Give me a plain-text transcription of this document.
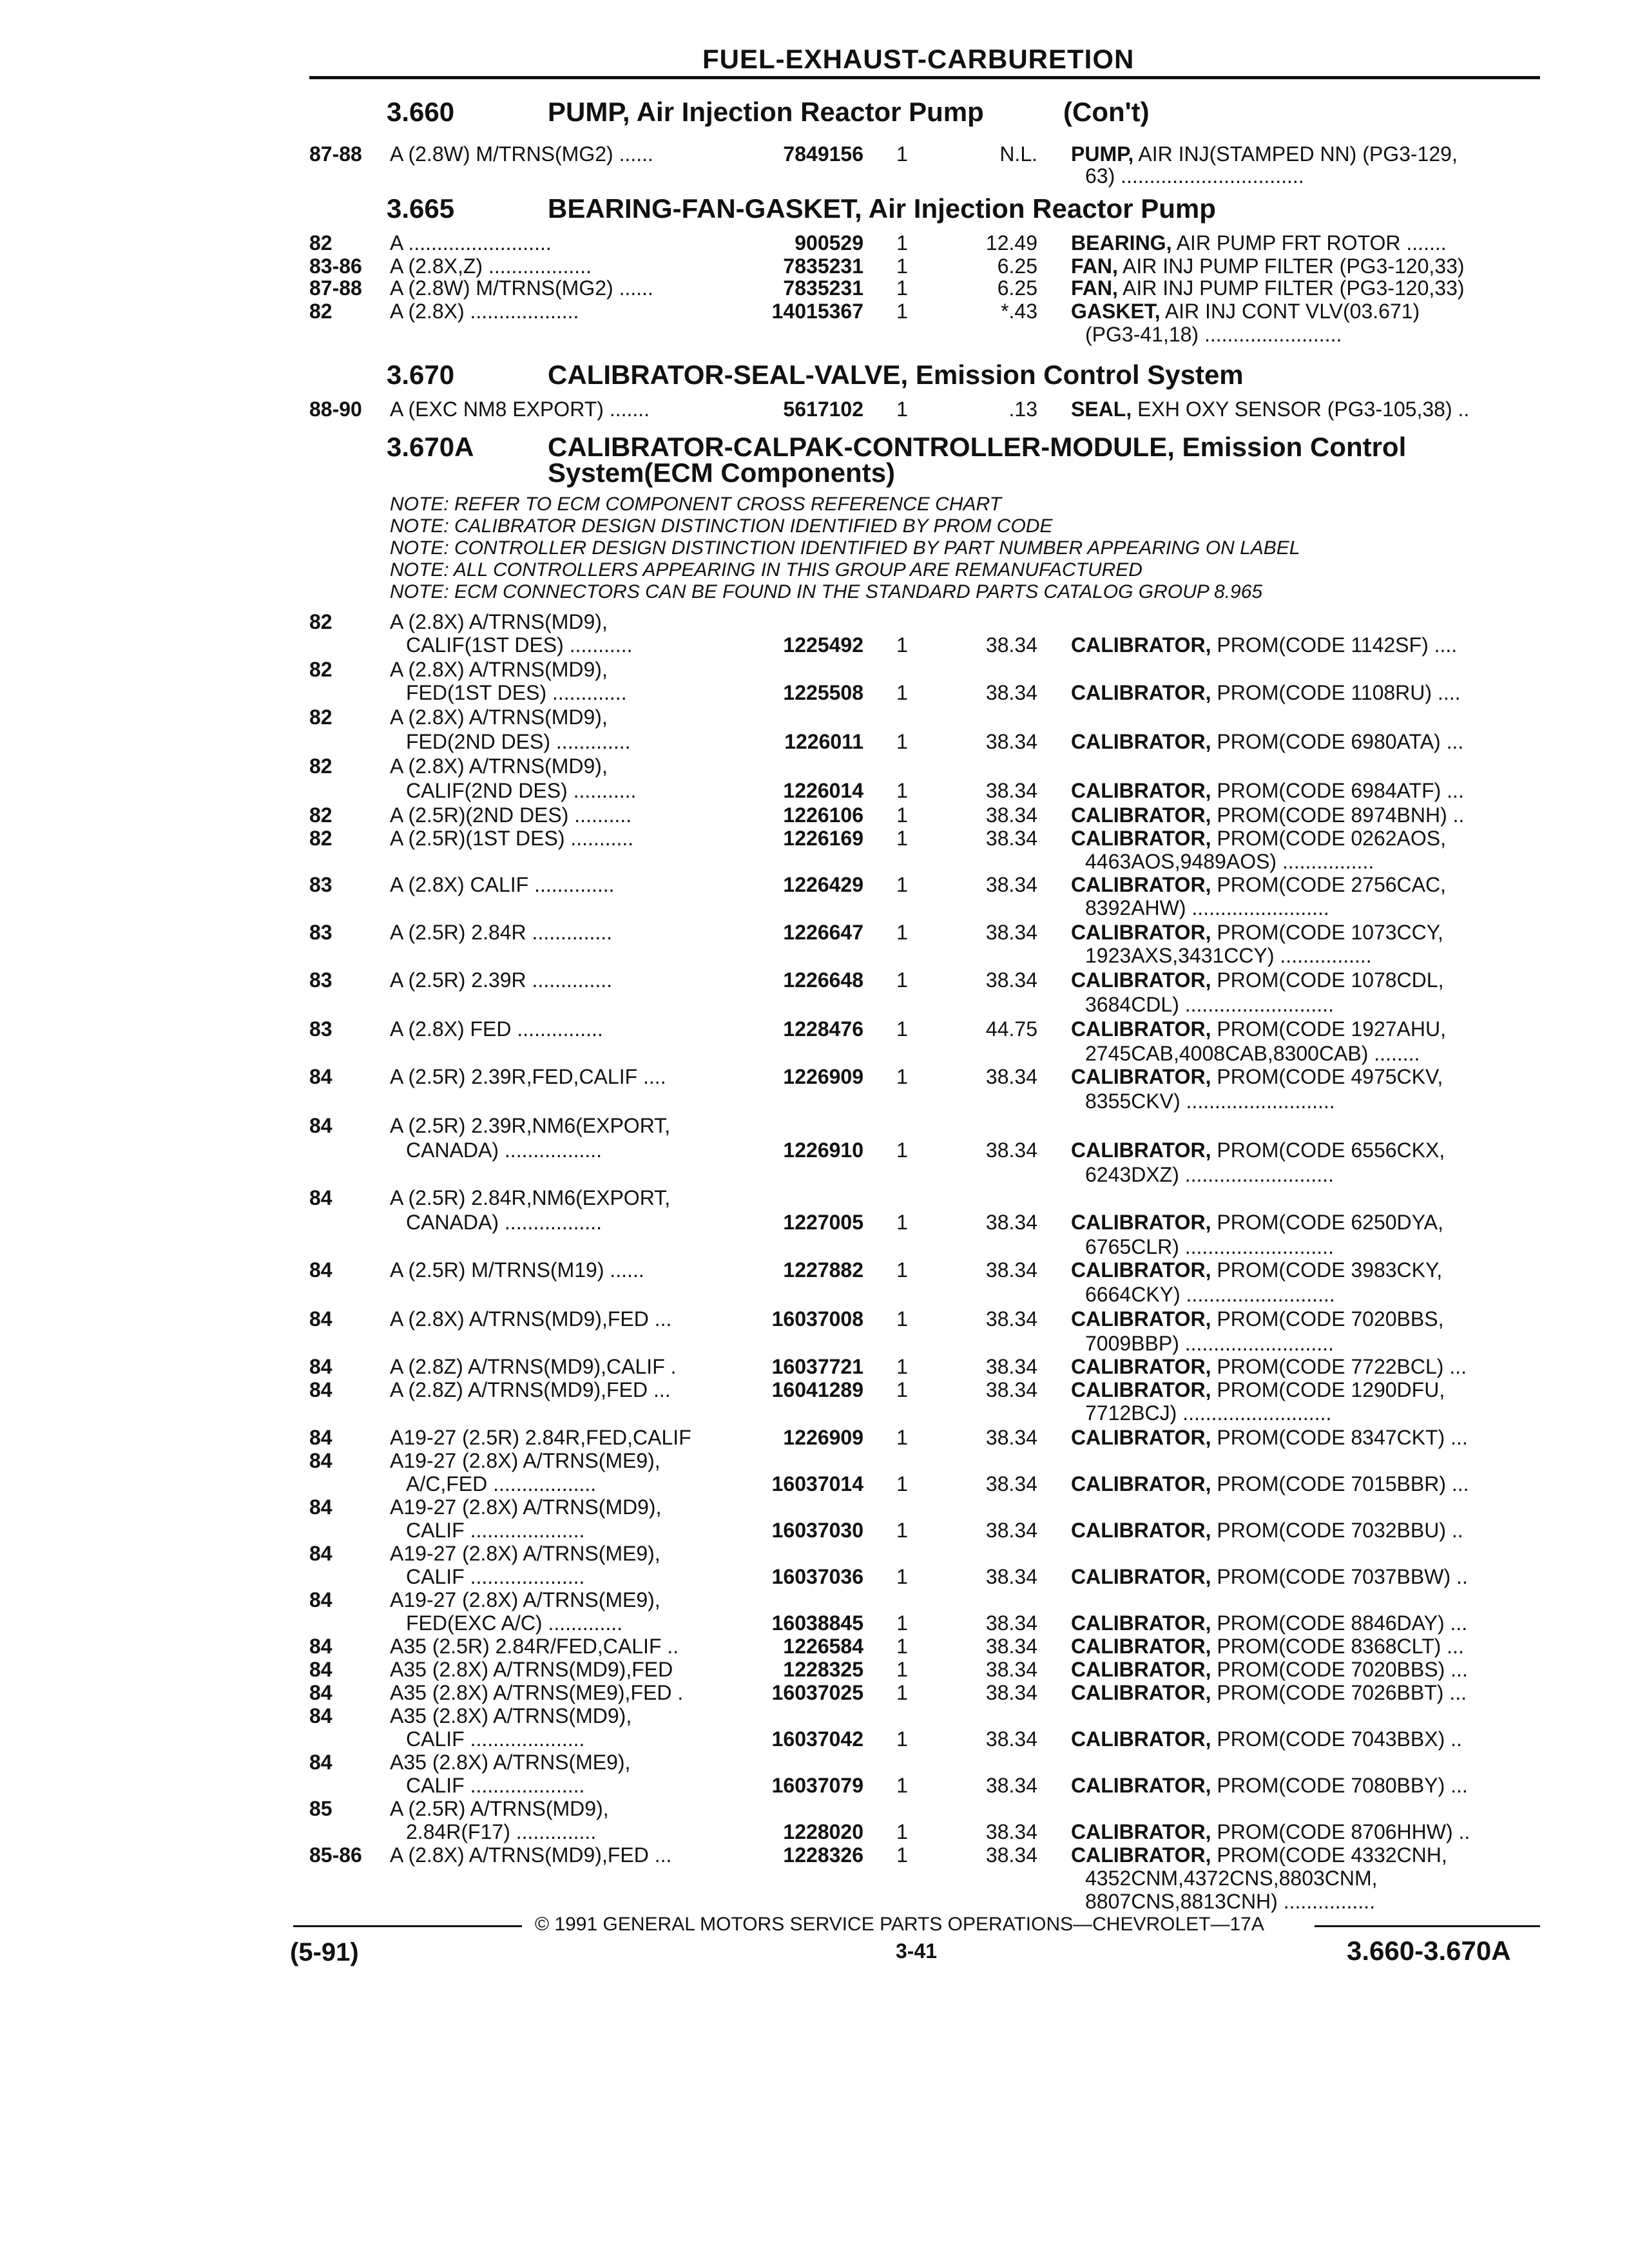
FUEL-EXHAUST-CARBURETION
3.660	PUMP, Air Injection Reactor Pump	(Con't)
3.665	BEARING-FAN-GASKET, Air Injection Reactor Pump
3.670	CALIBRATOR-SEAL-VALVE, Emission Control System
3.670A	CALIBRATOR-CALPAK-CONTROLLER-MODULE, Emission Control
System(ECM Components)
NOTE: REFER TO ECM COMPONENT CROSS REFERENCE CHART
NOTE: CALIBRATOR DESIGN DISTINCTION IDENTIFIED BY PROM CODE
NOTE: CONTROLLER DESIGN DISTINCTION IDENTIFIED BY PART NUMBER APPEARING ON LABEL
NOTE: ALL CONTROLLERS APPEARING IN THIS GROUP ARE REMANUFACTURED
NOTE: ECM CONNECTORS CAN BE FOUND IN THE STANDARD PARTS CATALOG GROUP 8.965
87-88 A (2.8W) M/TRNS(MG2) ......	7849156	1	N.L. PUMP, AIR INJ(STAMPED NN) (PG3-129,
63) ................................
82	A .........................	900529	1	12.49 BEARING, AIR PUMP FRT ROTOR .......
83-86 A (2.8X,Z) ..................	7835231	1	6.25 FAN, AIR INJ PUMP FILTER (PG3-120,33)
87-88 A (2.8W) M/TRNS(MG2) ......	7835231	1	6.25 FAN, AIR INJ PUMP FILTER (PG3-120,33)
82	A (2.8X) ...................	14015367	1	*.43 GASKET, AIR INJ CONT VLV(03.671)
(PG3-41,18) ........................
88-90 A (EXC NM8 EXPORT) .......	5617102	1	.13 SEAL, EXH OXY SENSOR (PG3-105,38) ..
82	A (2.8X) A/TRNS(MD9),
CALIF(1ST DES) ...........	1225492	1	38.34 CALIBRATOR, PROM(CODE 1142SF) ....
82	A (2.8X) A/TRNS(MD9),
FED(1ST DES) .............	1225508	1	38.34 CALIBRATOR, PROM(CODE 1108RU) ....
82	A (2.8X) A/TRNS(MD9),
FED(2ND DES) .............	1226011	1	38.34 CALIBRATOR, PROM(CODE 6980ATA) ...
82	A (2.8X) A/TRNS(MD9),
CALIF(2ND DES) ...........	1226014	1	38.34 CALIBRATOR, PROM(CODE 6984ATF) ...
82	A (2.5R)(2ND DES) ..........	1226106	1	38.34 CALIBRATOR, PROM(CODE 8974BNH) ..
82	A (2.5R)(1ST DES) ...........	1226169	1	38.34 CALIBRATOR, PROM(CODE 0262AOS,
4463AOS,9489AOS) ................
83	A (2.8X) CALIF ..............	1226429	1	38.34 CALIBRATOR, PROM(CODE 2756CAC,
8392AHW) ........................
83	A (2.5R) 2.84R ..............	1226647	1	38.34 CALIBRATOR, PROM(CODE 1073CCY,
1923AXS,3431CCY) ................
83	A (2.5R) 2.39R ..............	1226648	1	38.34 CALIBRATOR, PROM(CODE 1078CDL,
3684CDL) ..........................
83	A (2.8X) FED ...............	1228476	1	44.75 CALIBRATOR, PROM(CODE 1927AHU,
2745CAB,4008CAB,8300CAB) ........
84	A (2.5R) 2.39R,FED,CALIF ....	1226909	1	38.34 CALIBRATOR, PROM(CODE 4975CKV,
8355CKV) ..........................
84	A (2.5R) 2.39R,NM6(EXPORT,
CANADA) .................	1226910	1	38.34 CALIBRATOR, PROM(CODE 6556CKX,
6243DXZ) ..........................
84	A (2.5R) 2.84R,NM6(EXPORT,
CANADA) .................	1227005	1	38.34 CALIBRATOR, PROM(CODE 6250DYA,
6765CLR) ..........................
84	A (2.5R) M/TRNS(M19) ......	1227882	1	38.34 CALIBRATOR, PROM(CODE 3983CKY,
6664CKY) ..........................
84	A (2.8X) A/TRNS(MD9),FED ...	16037008	1	38.34 CALIBRATOR, PROM(CODE 7020BBS,
7009BBP) ..........................
84	A (2.8Z) A/TRNS(MD9),CALIF .	16037721	1	38.34 CALIBRATOR, PROM(CODE 7722BCL) ...
84	A (2.8Z) A/TRNS(MD9),FED ...	16041289	1	38.34 CALIBRATOR, PROM(CODE 1290DFU,
7712BCJ) ..........................
84	A19-27 (2.5R) 2.84R,FED,CALIF	1226909	1	38.34 CALIBRATOR, PROM(CODE 8347CKT) ...
84	A19-27 (2.8X) A/TRNS(ME9),
A/C,FED ..................	16037014	1	38.34 CALIBRATOR, PROM(CODE 7015BBR) ...
84	A19-27 (2.8X) A/TRNS(MD9),
CALIF ....................	16037030	1	38.34 CALIBRATOR, PROM(CODE 7032BBU) ..
84	A19-27 (2.8X) A/TRNS(ME9),
CALIF ....................	16037036	1	38.34 CALIBRATOR, PROM(CODE 7037BBW) ..
84	A19-27 (2.8X) A/TRNS(ME9),
FED(EXC A/C) .............	16038845	1	38.34 CALIBRATOR, PROM(CODE 8846DAY) ...
84	A35 (2.5R) 2.84R/FED,CALIF ..	1226584	1	38.34 CALIBRATOR, PROM(CODE 8368CLT) ...
84	A35 (2.8X) A/TRNS(MD9),FED	1228325	1	38.34 CALIBRATOR, PROM(CODE 7020BBS) ...
84	A35 (2.8X) A/TRNS(ME9),FED .	16037025	1	38.34 CALIBRATOR, PROM(CODE 7026BBT) ...
84	A35 (2.8X) A/TRNS(MD9),
CALIF ....................	16037042	1	38.34 CALIBRATOR, PROM(CODE 7043BBX) ..
84	A35 (2.8X) A/TRNS(ME9),
CALIF ....................	16037079	1	38.34 CALIBRATOR, PROM(CODE 7080BBY) ...
85	A (2.5R) A/TRNS(MD9),
2.84R(F17) ..............	1228020	1	38.34 CALIBRATOR, PROM(CODE 8706HHW) ..
85-86 A (2.8X) A/TRNS(MD9),FED ...	1228326	1	38.34 CALIBRATOR, PROM(CODE 4332CNH,
4352CNM,4372CNS,8803CNM,
8807CNS,8813CNH) ................
© 1991 GENERAL MOTORS SERVICE PARTS OPERATIONS—CHEVROLET—17A
(5-91)	3-41	3.660-3.670A
